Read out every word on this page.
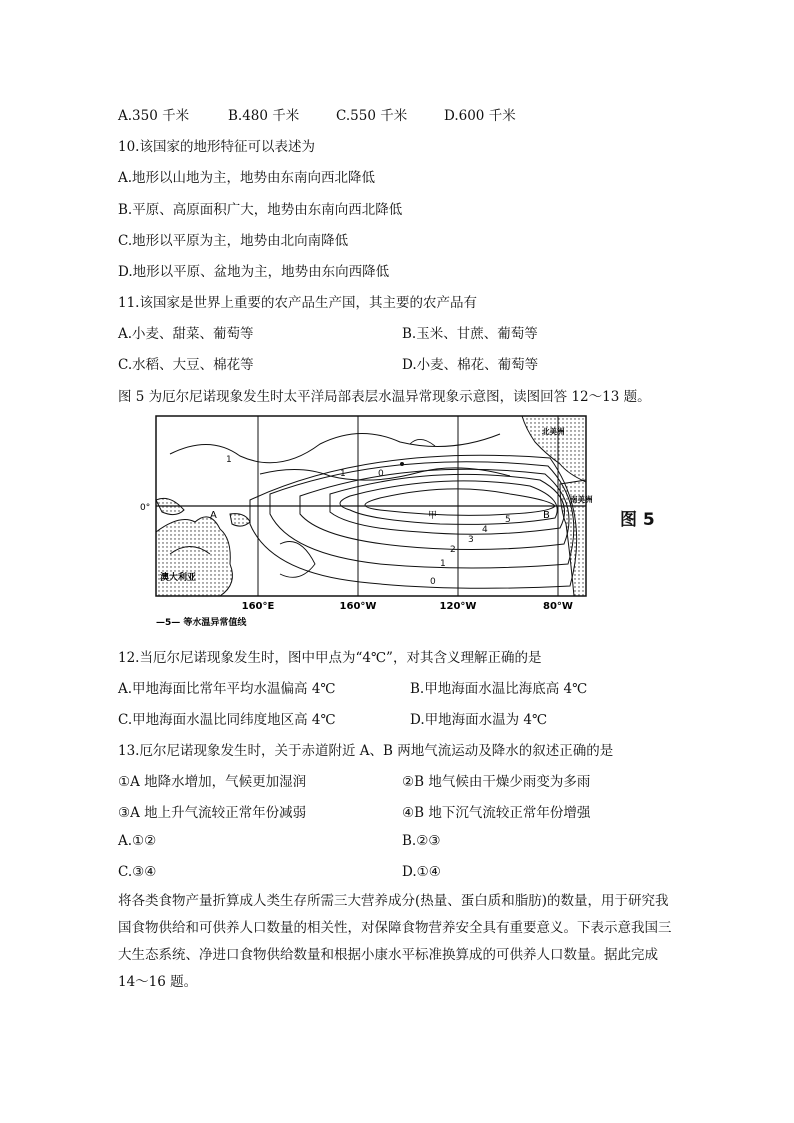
A.350 千米	B.480 千米	C.550 千米	D.600 千米
10.该国家的地形特征可以表述为
A.地形以山地为主，地势由东南向西北降低
B.平原、高原面积广大，地势由东南向西北降低
C.地形以平原为主，地势由北向南降低
D.地形以平原、盆地为主，地势由东向西降低
11.该国家是世界上重要的农产品生产国，其主要的农产品有
A.小麦、甜菜、葡萄等	B.玉米、甘蔗、葡萄等
C.水稻、大豆、棉花等	D.小麦、棉花、葡萄等
图 5 为厄尔尼诺现象发生时太平洋局部表层水温异常现象示意图，读图回答 12～13 题。
1
1	0
5
4
3
2
1
0
澳大利亚
北美洲
南美洲
A	B
甲
0°
160°E	160°W	120°W	80°W
—5— 等水温异常值线
图 5
12.当厄尔尼诺现象发生时，图中甲点为“4℃”，对其含义理解正确的是
A.甲地海面比常年平均水温偏高 4℃	B.甲地海面水温比海底高 4℃
C.甲地海面水温比同纬度地区高 4℃	D.甲地海面水温为 4℃
13.厄尔尼诺现象发生时，关于赤道附近 A、B 两地气流运动及降水的叙述正确的是
①A 地降水增加，气候更加湿润	②B 地气候由干燥少雨变为多雨
③A 地上升气流较正常年份减弱	④B 地下沉气流较正常年份增强
A.①②	B.②③
C.③④	D.①④
将各类食物产量折算成人类生存所需三大营养成分(热量、蛋白质和脂肪)的数量，用于研究我国食物供给和可供养人口数量的相关性，对保障食物营养安全具有重要意义。下表示意我国三大生态系统、净进口食物供给数量和根据小康水平标准换算成的可供养人口数量。据此完成 14～16 题。
